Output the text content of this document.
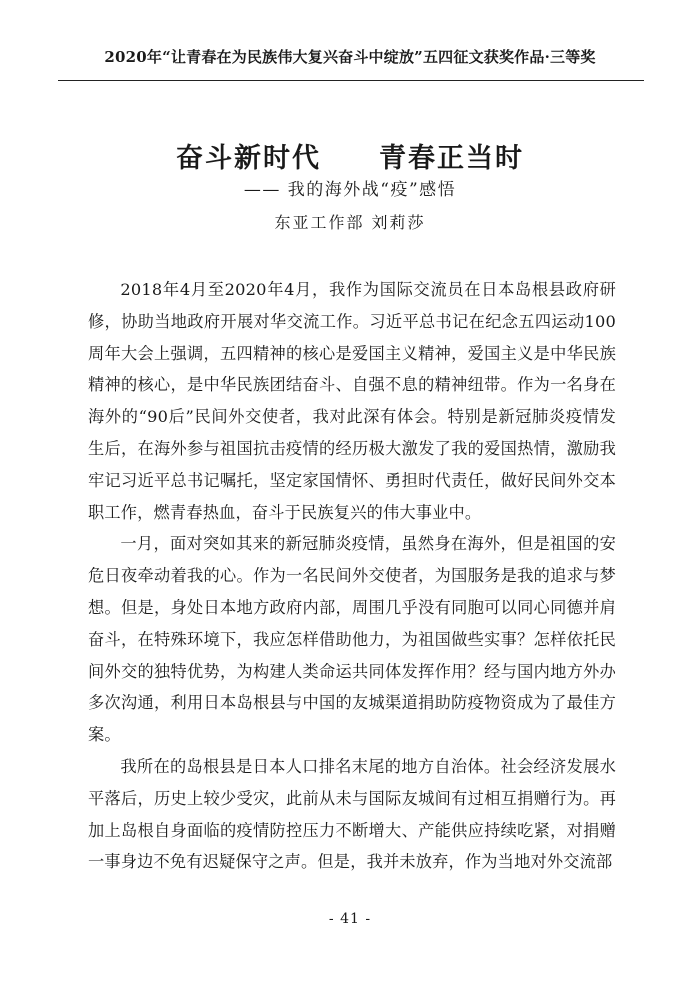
2020年“让青春在为民族伟大复兴奋斗中绽放”五四征文获奖作品·三等奖
奋斗新时代　　青春正当时
—— 我的海外战“疫”感悟
东亚工作部 刘莉莎

2018年4月至2020年4月，我作为国际交流员在日本岛根县政府研修，协助当地政府开展对华交流工作。习近平总书记在纪念五四运动100周年大会上强调，五四精神的核心是爱国主义精神，爱国主义是中华民族精神的核心，是中华民族团结奋斗、自强不息的精神纽带。作为一名身在海外的“90后”民间外交使者，我对此深有体会。特别是新冠肺炎疫情发生后，在海外参与祖国抗击疫情的经历极大激发了我的爱国热情，激励我牢记习近平总书记嘱托，坚定家国情怀、勇担时代责任，做好民间外交本职工作，燃青春热血，奋斗于民族复兴的伟大事业中。

一月，面对突如其来的新冠肺炎疫情，虽然身在海外，但是祖国的安危日夜牵动着我的心。作为一名民间外交使者，为国服务是我的追求与梦想。但是，身处日本地方政府内部，周围几乎没有同胞可以同心同德并肩奋斗，在特殊环境下，我应怎样借助他力，为祖国做些实事？怎样依托民间外交的独特优势，为构建人类命运共同体发挥作用？经与国内地方外办多次沟通，利用日本岛根县与中国的友城渠道捐助防疫物资成为了最佳方案。

我所在的岛根县是日本人口排名末尾的地方自治体。社会经济发展水平落后，历史上较少受灾，此前从未与国际友城间有过相互捐赠行为。再加上岛根自身面临的疫情防控压力不断增大、产能供应持续吃紧，对捐赠一事身边不免有迟疑保守之声。但是，我并未放弃，作为当地对外交流部

- 41 -
